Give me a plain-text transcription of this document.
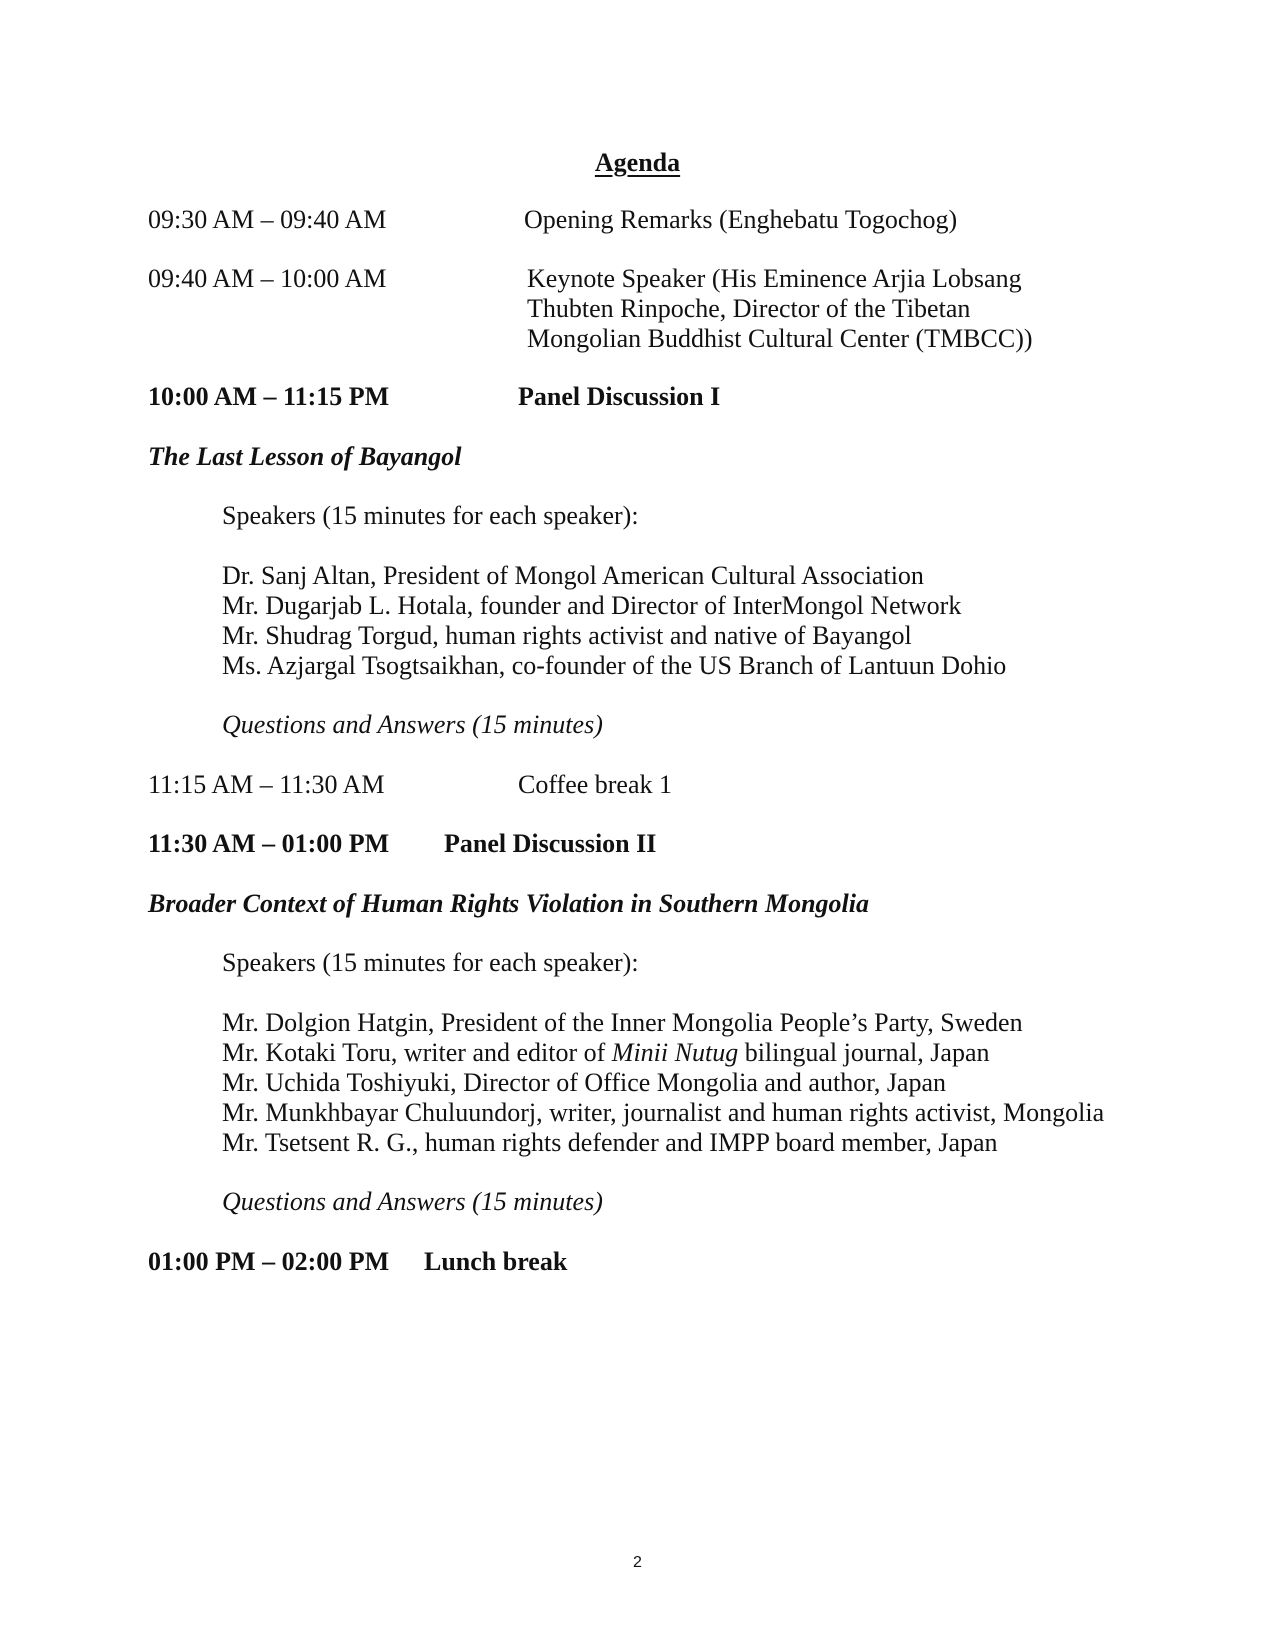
Agenda
09:30 AM – 09:40 AM	Opening Remarks (Enghebatu Togochog)
09:40 AM – 10:00 AM	Keynote Speaker (His Eminence Arjia Lobsang
Thubten Rinpoche, Director of the Tibetan
Mongolian Buddhist Cultural Center (TMBCC))
10:00 AM – 11:15 PM	Panel Discussion I
The Last Lesson of Bayangol
Speakers (15 minutes for each speaker):
Dr. Sanj Altan, President of Mongol American Cultural Association
Mr. Dugarjab L. Hotala, founder and Director of InterMongol Network
Mr. Shudrag Torgud, human rights activist and native of Bayangol
Ms. Azjargal Tsogtsaikhan, co-founder of the US Branch of Lantuun Dohio
Questions and Answers (15 minutes)
11:15 AM – 11:30 AM	Coffee break 1
11:30 AM – 01:00 PM Panel Discussion II
Broader Context of Human Rights Violation in Southern Mongolia
Speakers (15 minutes for each speaker):
Mr. Dolgion Hatgin, President of the Inner Mongolia People’s Party, Sweden
Mr. Kotaki Toru, writer and editor of Minii Nutug bilingual journal, Japan
Mr. Uchida Toshiyuki, Director of Office Mongolia and author, Japan
Mr. Munkhbayar Chuluundorj, writer, journalist and human rights activist, Mongolia
Mr. Tsetsent R. G., human rights defender and IMPP board member, Japan
Questions and Answers (15 minutes)
01:00 PM – 02:00 PM Lunch break
2
